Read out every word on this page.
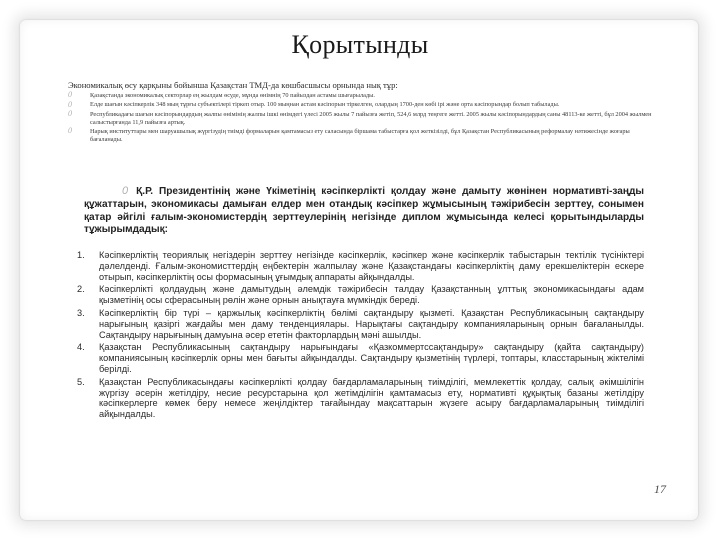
Қорытынды
Экономикалық өсу қарқыны бойынша Қазақстан ТМД-да көшбасшысы орнында нық тұр:
0	Қазақстанда экономикалық секторлар ең жылдам өсуде, мұнда өнімнің 70 пайыздан астамы шығарылады.
0	Елде шағын кәсіпкерлік 348 мың тұрғы субъектілері тіркеп отыр. 100 мыңнан астам кәсіпорын тіркелген, олардың 1700-ден көбі ірі және орта кәсіпорындар болып табылады.
0	Республикадағы шағын кәсіпорындардың жалпы өнімінің жалпы ішкі өнімдегі үлесі 2005 жылы 7 пайызға жетіп, 524,6 млрд теңгеге жетті. 2005 жылы кәсіпорындардың саны 48113-ке жетті, бұл 2004 жылмен салыстырғанда 11,9 пайызға артық.
0	Нарық институттары мен шаруашылық жүргізудің тиімді формаларын қамтамасыз ету саласында біршама табыстарға қол жеткізілді, бұл Қазақстан Республикасының реформалау нәтижесінде жоғары бағаланады.
0 Қ.Р. Президентінің және Үкіметінің кәсіпкерлікті қолдау және дамыту жөнінен нормативті-заңды құжаттарын, экономикасы дамыған елдер мен отандық кәсіпкер жұмысының тәжірибесін зерттеу, сонымен қатар әйгілі ғалым-экономистердің зерттеулерінің негізінде диплом жұмысында келесі қорытындыларды тұжырымдадық:
1. Кәсіпкерліктің теориялық негіздерін зерттеу негізінде кәсіпкерлік, кәсіпкер және кәсіпкерлік табыстарын тектілік түсініктері дәлелденді. Ғалым-экономисттердің еңбектерін жалпылау және Қазақстандағы кәсіпкерліктің даму ерекшеліктерін ескере отырып, кәсіпкерліктің осы формасының ұғымдық аппараты айқындалды.
2. Кәсіпкерлікті қолдаудың және дамытудың әлемдік тәжірибесін талдау Қазақстанның ұлттық экономикасындағы адам қызметінің осы сферасының рөлін және орнын анықтауға мүмкіндік береді.
3. Кәсіпкерліктің бір түрі – қаржылық кәсіпкерліктің бөлімі сақтандыру қызметі. Қазақстан Республикасының сақтандыру нарығының қазіргі жағдайы мен даму тенденциялары. Нарықтағы сақтандыру компанияларының орнын бағаланылды. Сақтандыру нарығының дамуына әсер ететін факторлардың мәні ашылды.
4. Қазақстан Республикасының сақтандыру нарығындағы «Қазкоммертссақтандыру» сақтандыру (қайта сақтандыру) компаниясының кәсіпкерлік орны мен бағыты айқындалды. Сақтандыру қызметінің түрлері, топтары, класстарының жіктелімі берілді.
5. Қазақстан Республикасындағы кәсіпкерлікті қолдау бағдарламаларының тиімділігі, мемлекеттік қолдау, салық әкімшілігін жүргізу әсерін жетілдіру, несие ресурстарына қол жетімділігін қамтамасыз ету, нормативті құқықтық базаны жетілдіру кәсіпкерлерге көмек беру немесе жеңілдіктер тағайындау мақсаттарын жүзеге асыру бағдарламаларының тиімділігі айқындалды.
17
